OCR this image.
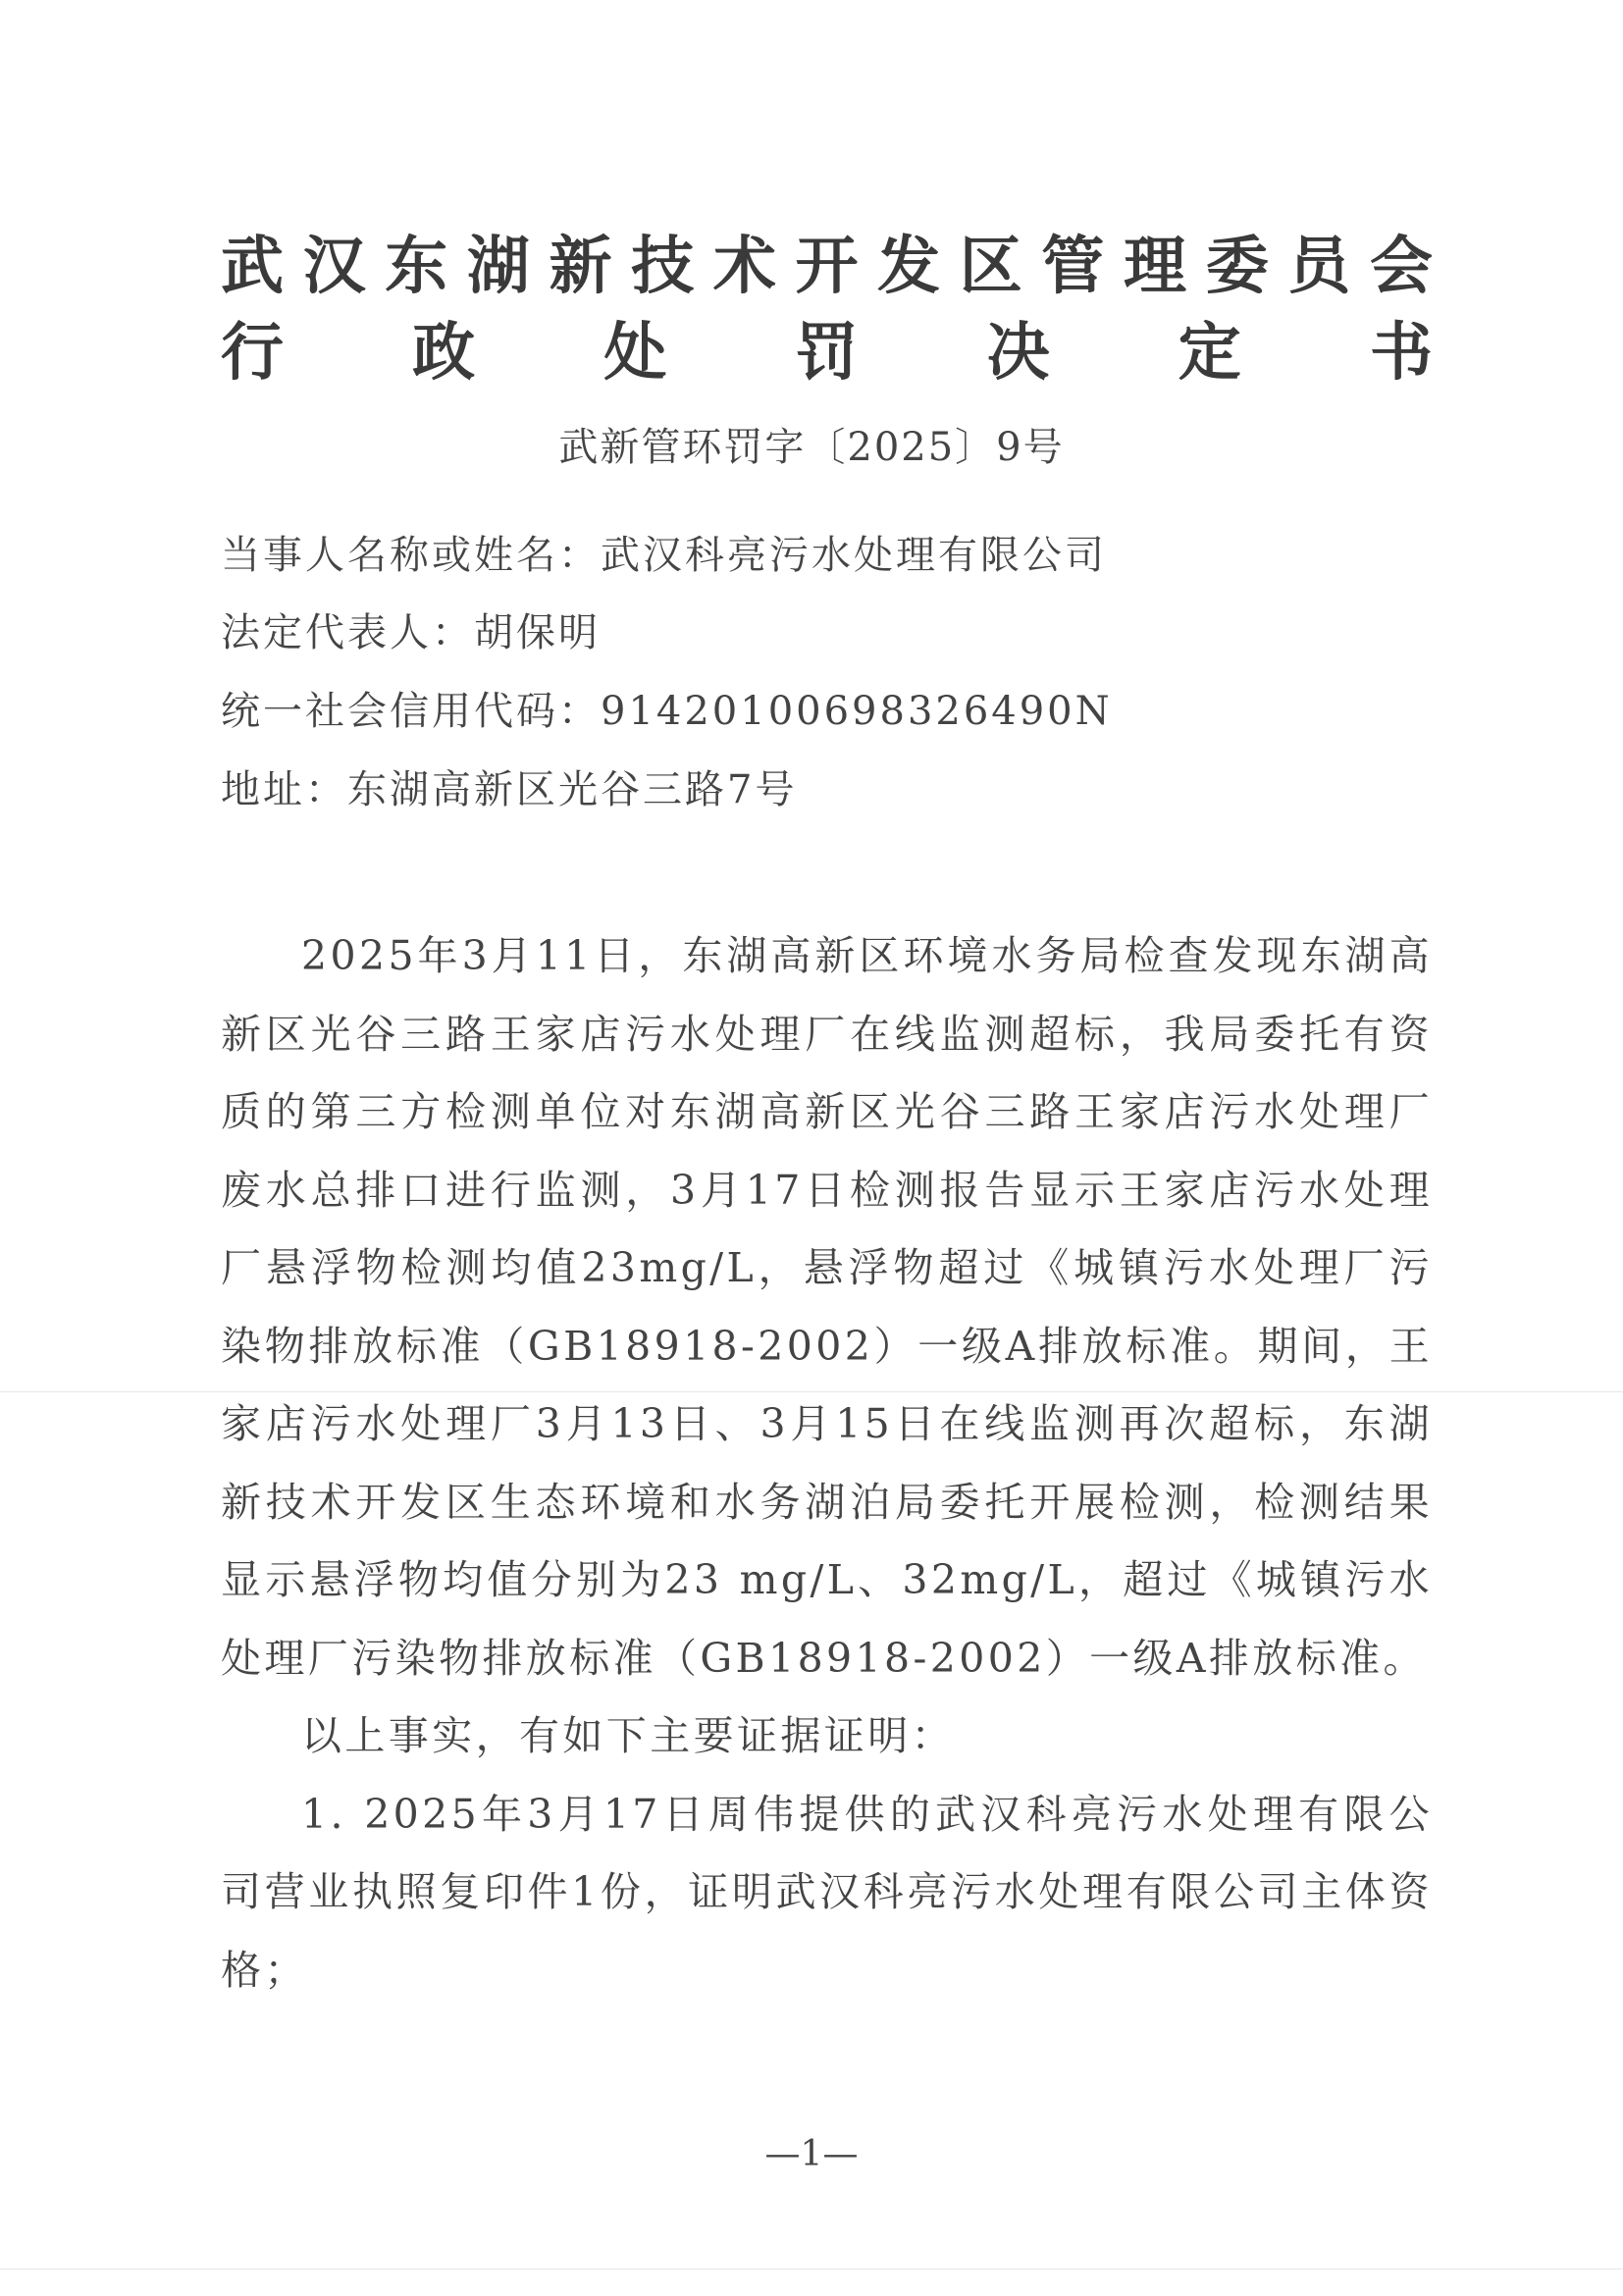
武 汉 东 湖 新 技 术 开 发 区 管 理 委 员 会
行 政 处 罚 决 定 书
武新管环罚字〔2025〕9号
当事人名称或姓名：武汉科亮污水处理有限公司
法定代表人：胡保明
统一社会信用代码：91420100698326490N
地址：东湖高新区光谷三路7号

2025年3月11日，东湖高新区环境水务局检查发现东湖高新区光谷三路王家店污水处理厂在线监测超标，我局委托有资质的第三方检测单位对东湖高新区光谷三路王家店污水处理厂废水总排口进行监测，3月17日检测报告显示王家店污水处理厂悬浮物检测均值23mg/L，悬浮物超过《城镇污水处理厂污染物排放标准（GB18918-2002）一级A排放标准。期间，王家店污水处理厂3月13日、3月15日在线监测再次超标，东湖新技术开发区生态环境和水务湖泊局委托开展检测，检测结果显示悬浮物均值分别为23 mg/L、32mg/L，超过《城镇污水处理厂污染物排放标准（GB18918-2002）一级A排放标准。

以上事实，有如下主要证据证明：

1. 2025年3月17日周伟提供的武汉科亮污水处理有限公司营业执照复印件1份，证明武汉科亮污水处理有限公司主体资格；

—1—
